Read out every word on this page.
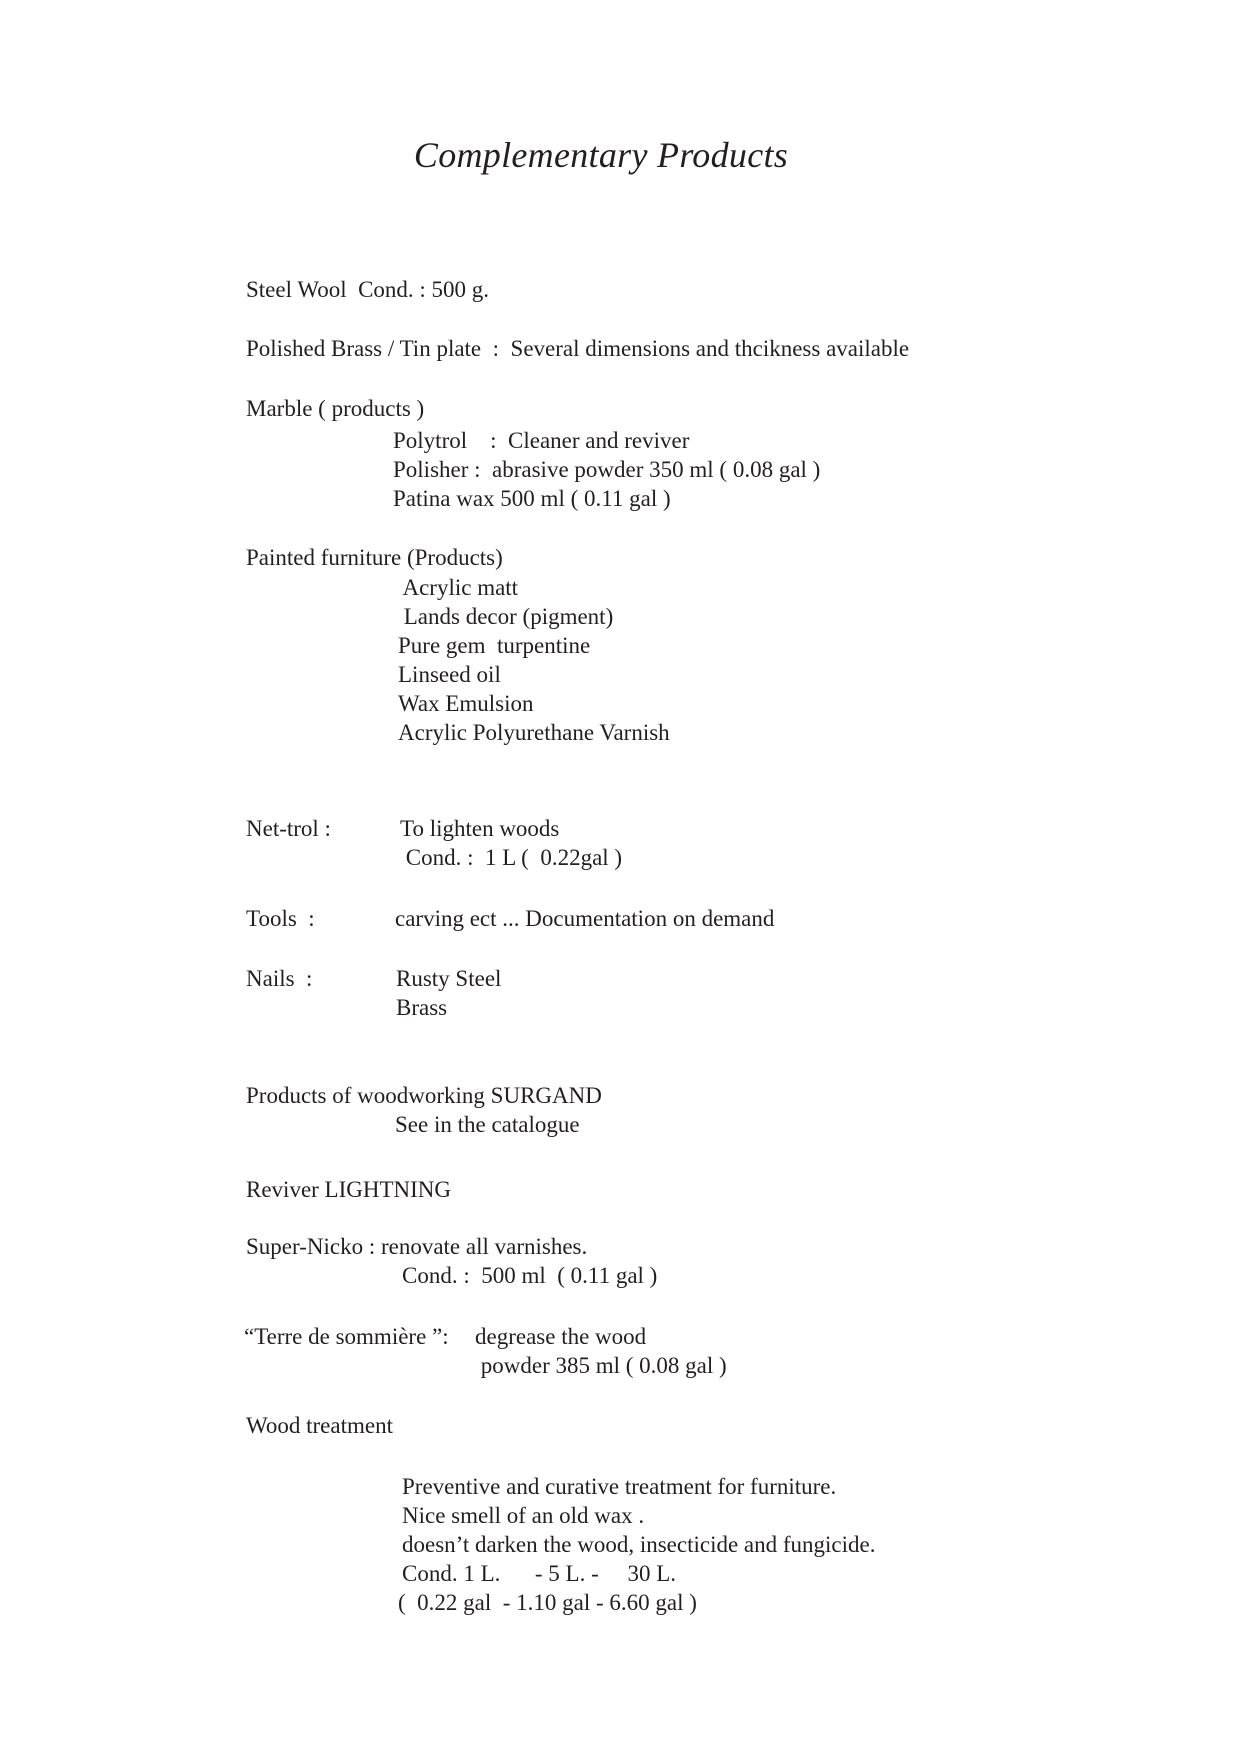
Complementary Products
Steel Wool  Cond. : 500 g.
Polished Brass / Tin plate  :  Several dimensions and thcikness available
Marble ( products )
Polytrol    :  Cleaner and reviver
Polisher :  abrasive powder 350 ml ( 0.08 gal )
Patina wax 500 ml ( 0.11 gal )
Painted furniture (Products)
Acrylic matt
Lands decor (pigment)
Pure gem  turpentine
Linseed oil
Wax Emulsion
Acrylic Polyurethane Varnish
Net-trol :	To lighten woods
Cond. :  1 L (  0.22gal )
Tools  :	carving ect ... Documentation on demand
Nails  :	Rusty Steel
Brass
Products of woodworking SURGAND
See in the catalogue
Reviver LIGHTNING
Super-Nicko : renovate all varnishes.
Cond. :  500 ml  ( 0.11 gal )
“Terre de sommière ”: degrease the wood
powder 385 ml ( 0.08 gal )
Wood treatment
Preventive and curative treatment for furniture.
Nice smell of an old wax .
doesn’t darken the wood, insecticide and fungicide.
Cond. 1 L.      - 5 L. -     30 L.
(  0.22 gal  - 1.10 gal - 6.60 gal )
